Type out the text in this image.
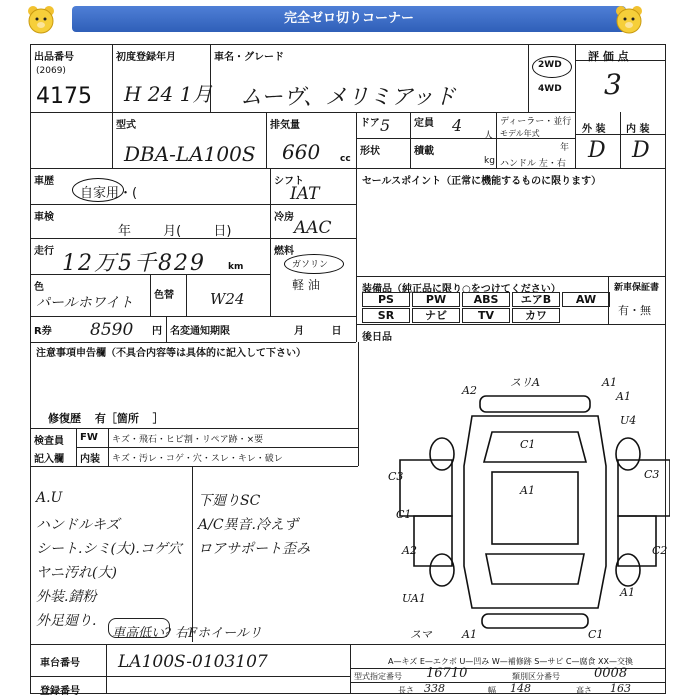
完全ゼロ切りコーナー
出品番号
(2069)
4175
初度登録年月
H 24 1月
車名・グレード
ムーヴ、メリミアッド
2WD
4WD
評 価 点
3
型式
DBA-LA100S
排気量
660 cc
ドア 5 定員 4
人
ディーラー・並行
モデル年式
年
形状	積載
kg ハンドル 左・右
外 装 内 装
D D
車歴
自家用・(
車検
年 月( 日)
走行 12万5千829 km
色
パールホワイト 色替 W24
シフト
IAT
冷房
AAC
燃料
ガソリン
軽 油
R券 8590 円 名変通知期限	月 日
セールスポイント（正常に機能するものに限ります）
装備品（純正品に限り○をつけてください）	新車保証書
有・無
PS	PW	ABS	エアB	AW
SR	ナビ	TV	カワ
後日品
注意事項申告欄（不具合内容等は具体的に記入して下さい）
修復歴 有［箇所 ］
検査員
記入欄
FW キズ・飛石・ヒビ割・リペア跡・×要
内装 キズ・汚レ・コゲ・穴・スレ・キレ・破レ
A.U
ハンドルキズ
シート.シミ(大).コゲ穴
ヤニ汚れ(大)
外装.錆粉
外足廻り.
下廻りSC
A/C異音.冷えず
ロアサポート歪み
車高低い? 右Fホイールリ
A2
スリA	A1
A1
C1
U4
C3	C3
A1
C1
A2	C2
UA1	A1
A1	C1
スマ
A—キズ E—エクボ U—凹み W—補修跡 S—サビ C—腐食 XX—交換
車台番号 LA100S-0103107
登録番号
型式指定番号 16710	類別区分番号	0008
長さ 338	幅 148	高さ 163
